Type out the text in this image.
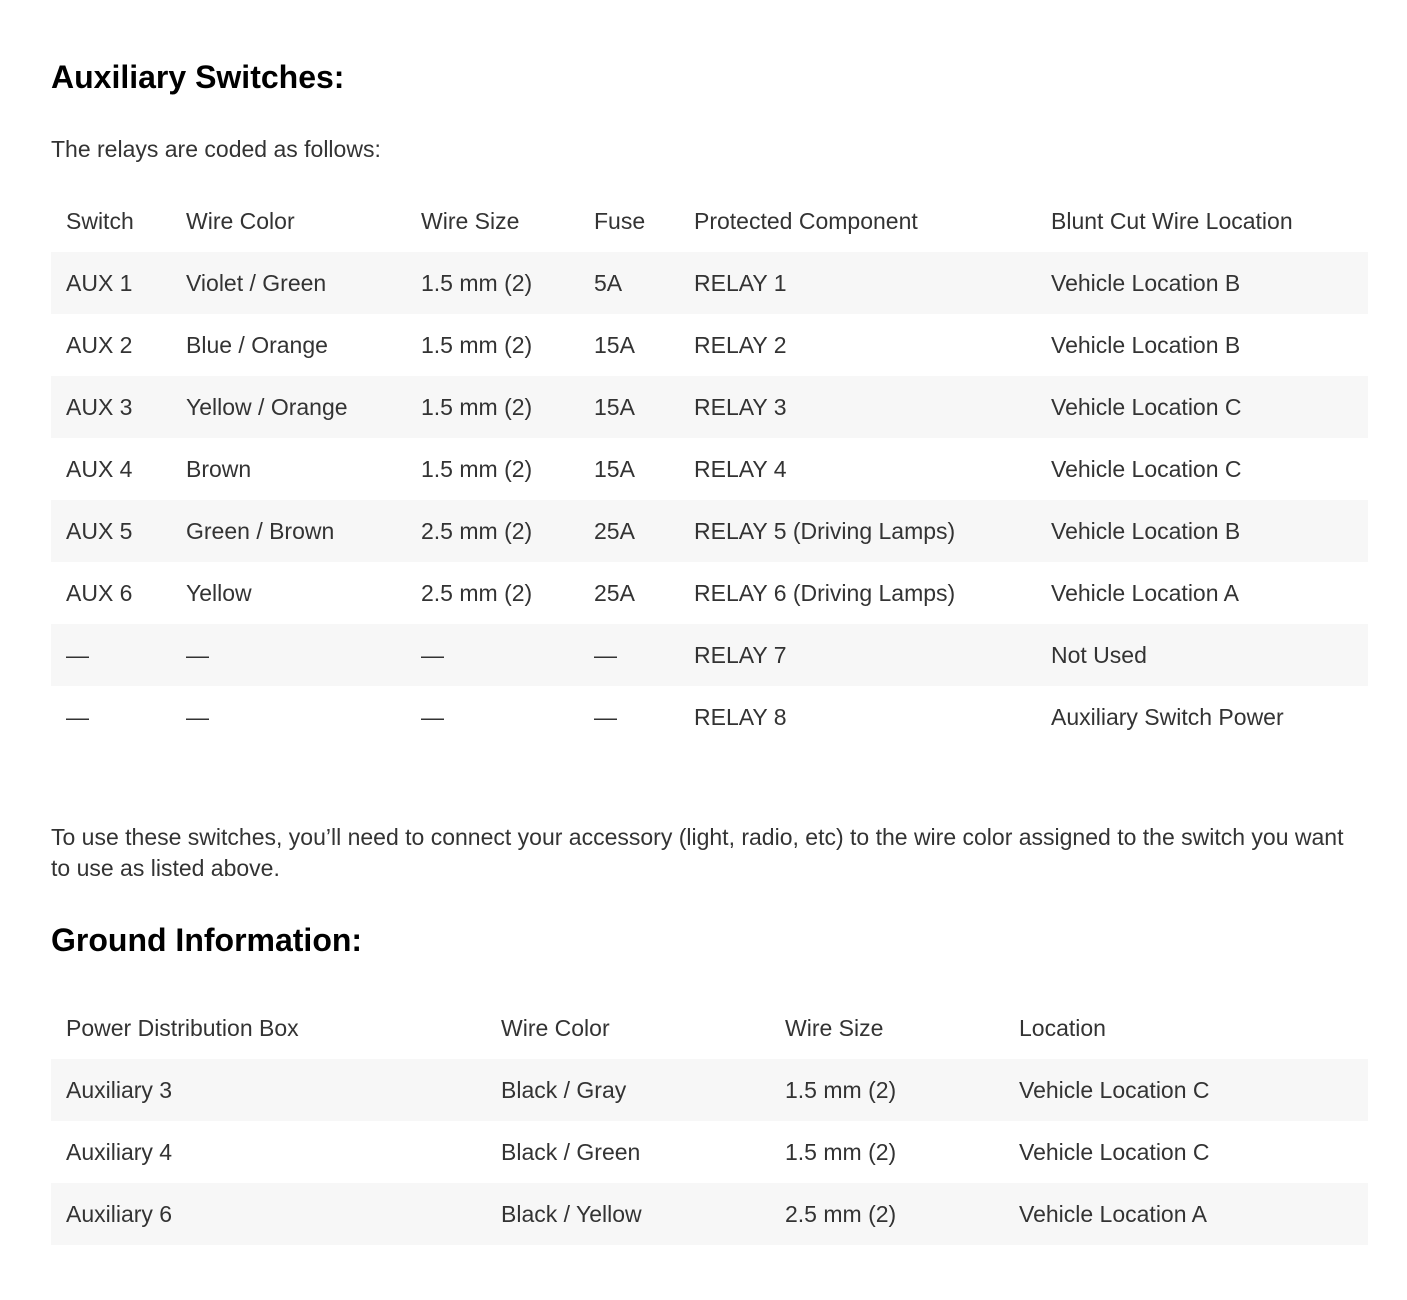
Auxiliary Switches:

The relays are coded as follows:

Switch	Wire Color	Wire Size	Fuse	Protected Component	Blunt Cut Wire Location
AUX 1	Violet / Green	1.5 mm (2)	5A	RELAY 1	Vehicle Location B
AUX 2	Blue / Orange	1.5 mm (2)	15A	RELAY 2	Vehicle Location B
AUX 3	Yellow / Orange	1.5 mm (2)	15A	RELAY 3	Vehicle Location C
AUX 4	Brown	1.5 mm (2)	15A	RELAY 4	Vehicle Location C
AUX 5	Green / Brown	2.5 mm (2)	25A	RELAY 5 (Driving Lamps)	Vehicle Location B
AUX 6	Yellow	2.5 mm (2)	25A	RELAY 6 (Driving Lamps)	Vehicle Location A
—	—	—	—	RELAY 7	Not Used
—	—	—	—	RELAY 8	Auxiliary Switch Power

To use these switches, you’ll need to connect your accessory (light, radio, etc) to the wire color assigned to the switch you want to use as listed above.

Ground Information:
Power Distribution Box	Wire Color	Wire Size	Location
Auxiliary 3	Black / Gray	1.5 mm (2)	Vehicle Location C
Auxiliary 4	Black / Green	1.5 mm (2)	Vehicle Location C
Auxiliary 6	Black / Yellow	2.5 mm (2)	Vehicle Location A
